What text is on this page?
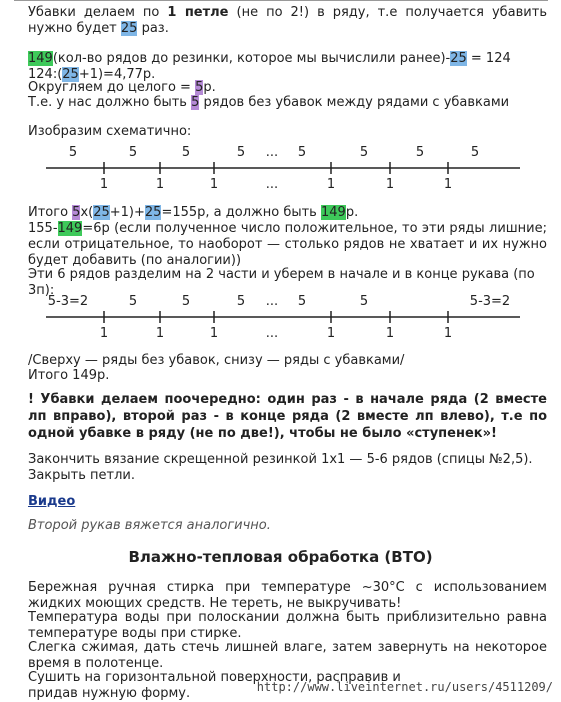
Убавки делаем по 1 петле (не по 2!) в ряду, т.е получается убавить нужно будет 25 раз.

149(кол-во рядов до резинки, которое мы вычислили ранее)-25 = 124

124:(25+1)=4,77р.

Округляем до целого = 5р.

Т.е. у нас должно быть 5 рядов без убавок между рядами с убавками

Изобразим схематично:

Итого 5x(25+1)+25=155р, а должно быть 149р.

155-149=6р (если полученное число положительное, то эти ряды лишние; если отрицательное, то наоборот — столько рядов не хватает и их нужно будет добавить (по аналогии))

Эти 6 рядов разделим на 2 части и уберем в начале и в конце рукава (по 3п):

/Сверху — ряды без убавок, снизу — ряды с убавками/

Итого 149р.

! Убавки делаем поочередно: один раз - в начале ряда (2 вместе лп вправо), второй раз - в конце ряда (2 вместе лп влево), т.е по одной убавке в ряду (не по две!), чтобы не было «ступенек»!

Закончить вязание скрещенной резинкой 1х1 — 5-6 рядов (спицы №2,5).

Закрыть петли.

Видео

Второй рукав вяжется аналогично.

Влажно-тепловая обработка (ВТО)

Бережная ручная стирка при температуре ~30°С с использованием жидких моющих средств. Не тереть, не выкручивать!

Температура воды при полоскании должна быть приблизительно равна температуре воды при стирке.

Слегка сжимая, дать стечь лишней влаге, затем завернуть на некоторое время в полотенце.

Сушить на горизонтальной поверхности, расправив и придав нужную форму.	http://www.liveinternet.ru/users/4511209/
5	5	5	5 ... 5	5	5	5
1	1	1	...	1	1	1
5-3=2	5	5	5 ... 5	5	5-3=2
1	1	1	...	1	1	1
